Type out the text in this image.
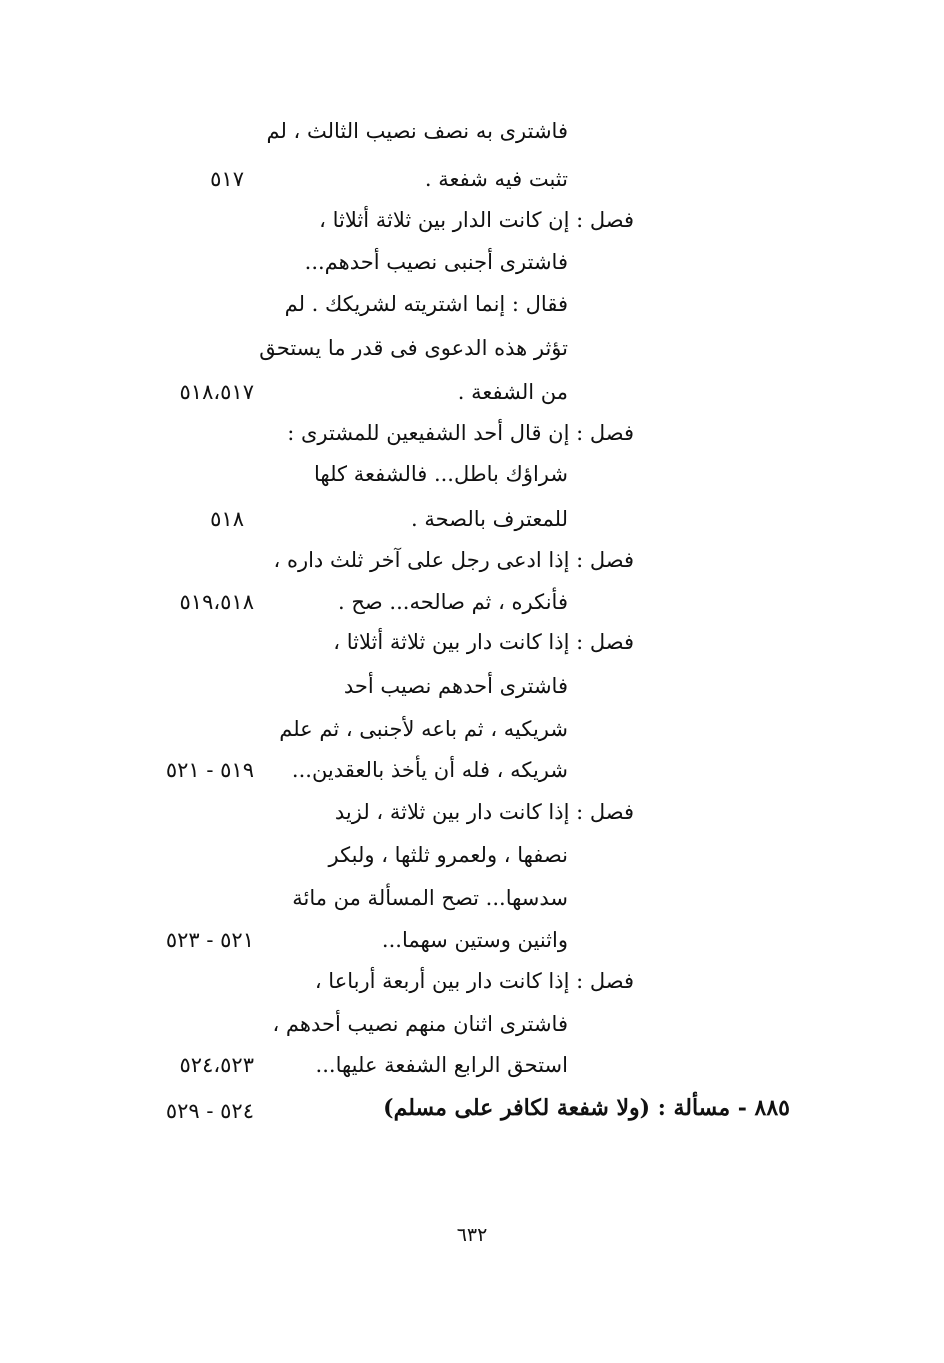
فاشترى به نصف نصيب الثالث ، لم
تثبت فيه شفعة .
٥١٧
فصل : إن كانت الدار بين ثلاثة أثلاثا ،
فاشترى أجنبى نصيب أحدهم...
فقال : إنما اشتريته لشريكك . لم
تؤثر هذه الدعوى فى قدر ما يستحق
من الشفعة .
٥١٨،٥١٧
فصل : إن قال أحد الشفيعين للمشترى :
شراؤك باطل... فالشفعة كلها
للمعترف بالصحة .
٥١٨
فصل : إذا ادعى رجل على آخر ثلث داره ،
فأنكره ، ثم صالحه... صح .
٥١٩،٥١٨
فصل : إذا كانت دار بين ثلاثة أثلاثا ،
فاشترى أحدهم نصيب أحد
شريكيه ، ثم باعه لأجنبى ، ثم علم
شريكه ، فله أن يأخذ بالعقدين...
٥١٩ - ٥٢١
فصل : إذا كانت دار بين ثلاثة ، لزيد
نصفها ، ولعمرو ثلثها ، ولبكر
سدسها... تصح المسألة من مائة
واثنين وستين سهما...
٥٢١ - ٥٢٣
فصل : إذا كانت دار بين أربعة أرباعا ،
فاشترى اثنان منهم نصيب أحدهم ،
استحق الرابع الشفعة عليها...
٥٢٤،٥٢٣
٨٨٥ - مسألة : (ولا شفعة لكافر على مسلم)
٥٢٤ - ٥٢٩
٦٣٢
